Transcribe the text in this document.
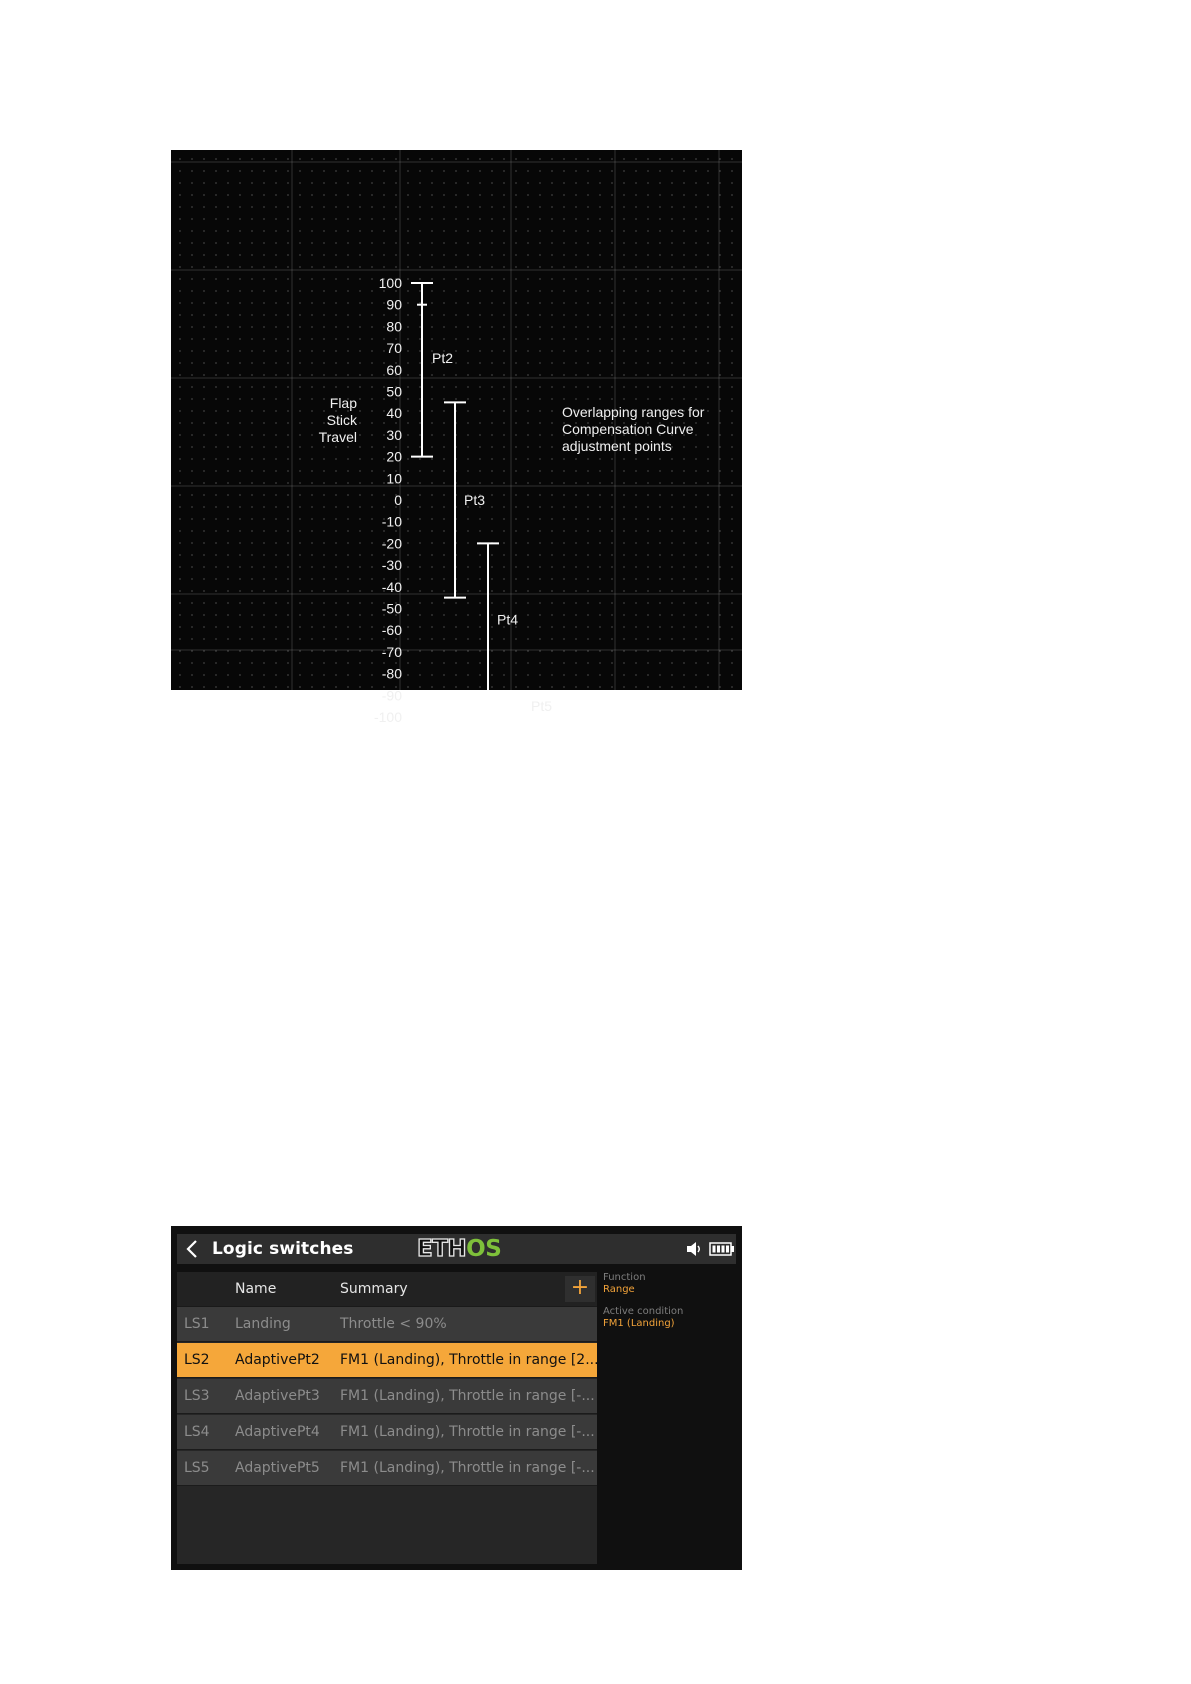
100
90
80
70
60
50
40
30
20
10
0
-10
-20
-30
-40
-50
-60
-70
-80
-90
-100
Flap
Stick
Travel
Pt2
Pt3
Pt4
Pt5
Overlapping ranges for
Compensation Curve
adjustment points
Logic switches	ETHOS
Name	Summary	+
LS1	Landing	Throttle < 90%
LS2	AdaptivePt2	FM1 (Landing), Throttle in range [2...
LS3	AdaptivePt3	FM1 (Landing), Throttle in range [-...
LS4	AdaptivePt4	FM1 (Landing), Throttle in range [-...
LS5	AdaptivePt5	FM1 (Landing), Throttle in range [-...
Function
Range
Active condition
FM1 (Landing)
